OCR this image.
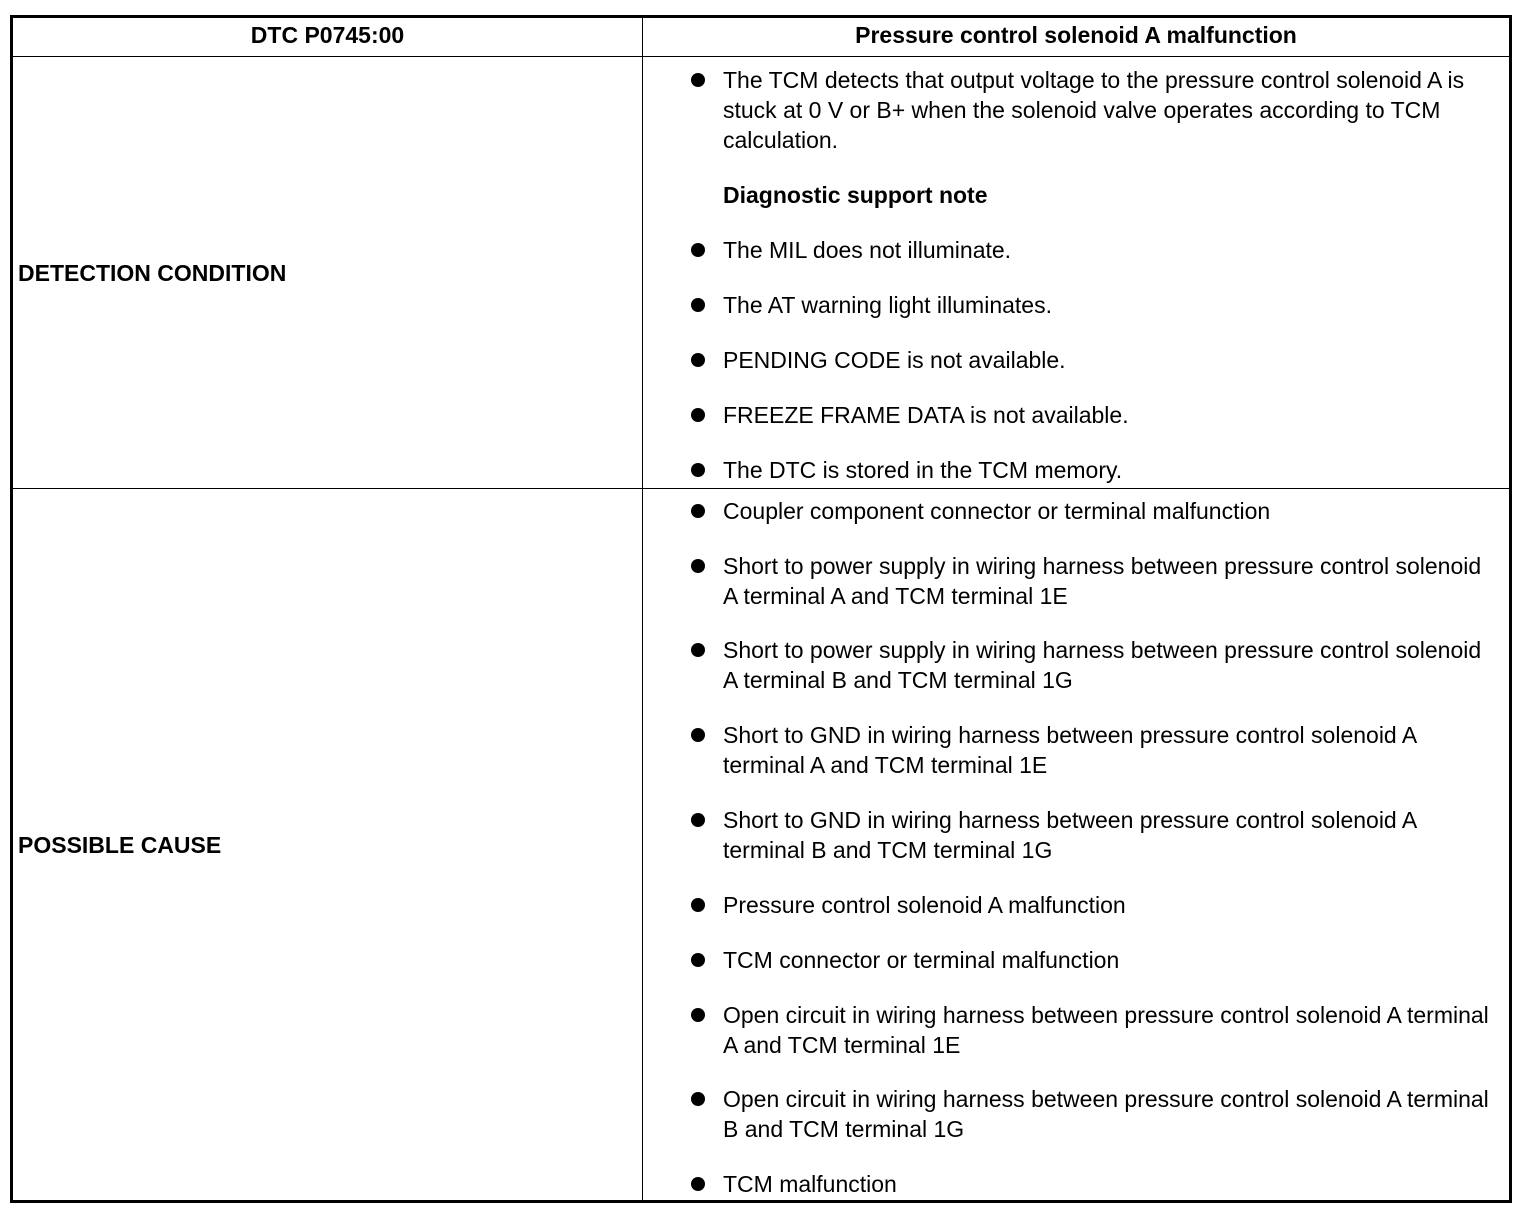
DTC P0745:00	Pressure control solenoid A malfunction
DETECTION CONDITION
POSSIBLE CAUSE

The TCM detects that output voltage to the pressure control solenoid A is stuck at 0 V or B+ when the solenoid valve operates according to TCM calculation.

Diagnostic support note

The MIL does not illuminate.

The AT warning light illuminates.

PENDING CODE is not available.

FREEZE FRAME DATA is not available.

The DTC is stored in the TCM memory.

Coupler component connector or terminal malfunction

Short to power supply in wiring harness between pressure control solenoid A terminal A and TCM terminal 1E

Short to power supply in wiring harness between pressure control solenoid A terminal B and TCM terminal 1G

Short to GND in wiring harness between pressure control solenoid A terminal A and TCM terminal 1E

Short to GND in wiring harness between pressure control solenoid A terminal B and TCM terminal 1G

Pressure control solenoid A malfunction

TCM connector or terminal malfunction

Open circuit in wiring harness between pressure control solenoid A terminal A and TCM terminal 1E

Open circuit in wiring harness between pressure control solenoid A terminal B and TCM terminal 1G

TCM malfunction
